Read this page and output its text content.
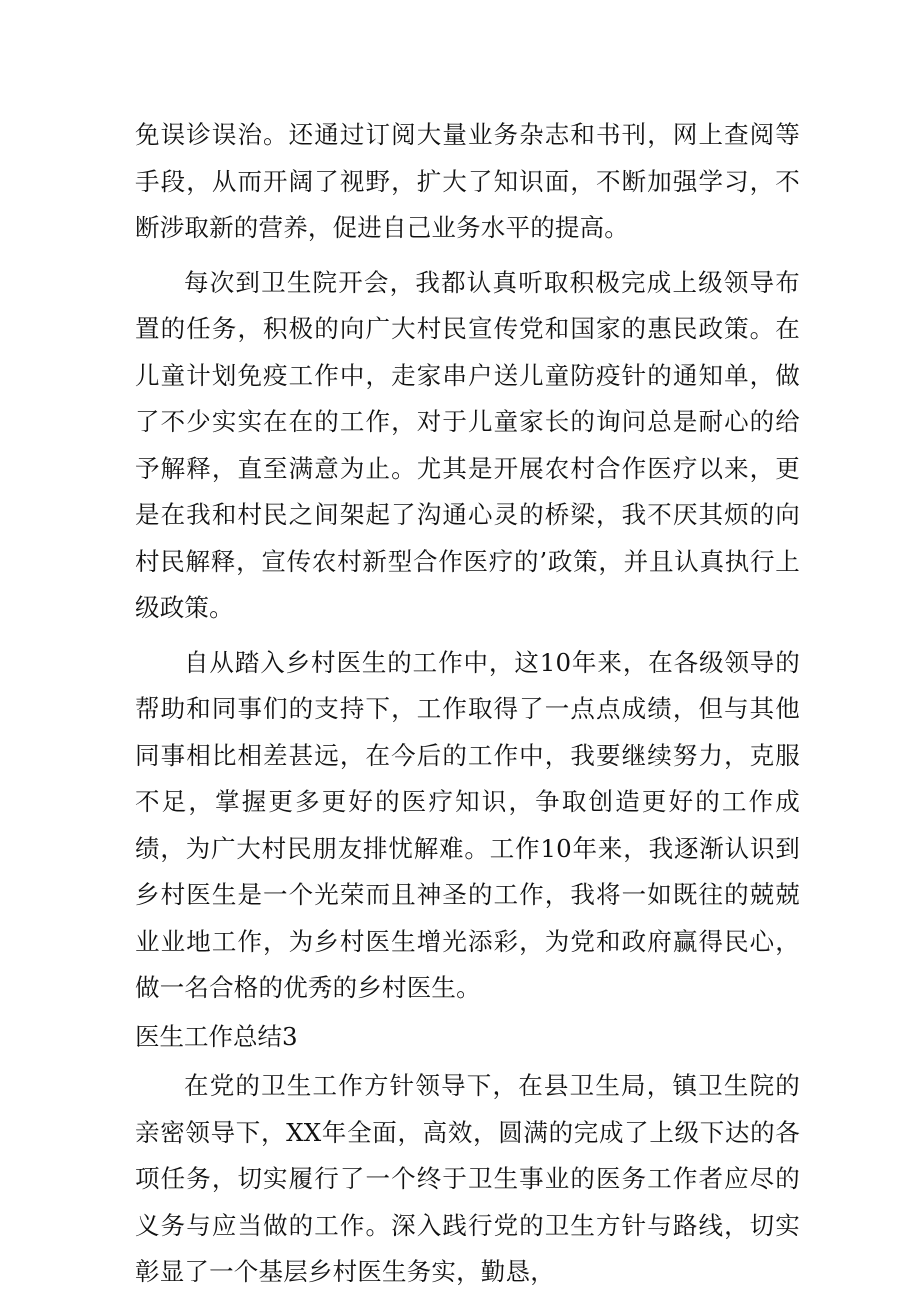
免误诊误治。还通过订阅大量业务杂志和书刊，网上查阅等手段，从而开阔了视野，扩大了知识面，不断加强学习，不断涉取新的营养，促进自己业务水平的提高。

每次到卫生院开会，我都认真听取积极完成上级领导布置的任务，积极的向广大村民宣传党和国家的惠民政策。在儿童计划免疫工作中，走家串户送儿童防疫针的通知单，做了不少实实在在的工作，对于儿童家长的询问总是耐心的给予解释，直至满意为止。尤其是开展农村合作医疗以来，更是在我和村民之间架起了沟通心灵的桥梁，我不厌其烦的向村民解释，宣传农村新型合作医疗的’政策，并且认真执行上级政策。

自从踏入乡村医生的工作中，这10年来，在各级领导的帮助和同事们的支持下，工作取得了一点点成绩，但与其他同事相比相差甚远，在今后的工作中，我要继续努力，克服不足，掌握更多更好的医疗知识，争取创造更好的工作成绩，为广大村民朋友排忧解难。工作10年来，我逐渐认识到乡村医生是一个光荣而且神圣的工作，我将一如既往的兢兢业业地工作，为乡村医生增光添彩，为党和政府赢得民心，做一名合格的优秀的乡村医生。

医生工作总结3

在党的卫生工作方针领导下，在县卫生局，镇卫生院的亲密领导下，XX年全面，高效，圆满的完成了上级下达的各项任务，切实履行了一个终于卫生事业的医务工作者应尽的义务与应当做的工作。深入践行党的卫生方针与路线，切实彰显了一个基层乡村医生务实，勤恳，
